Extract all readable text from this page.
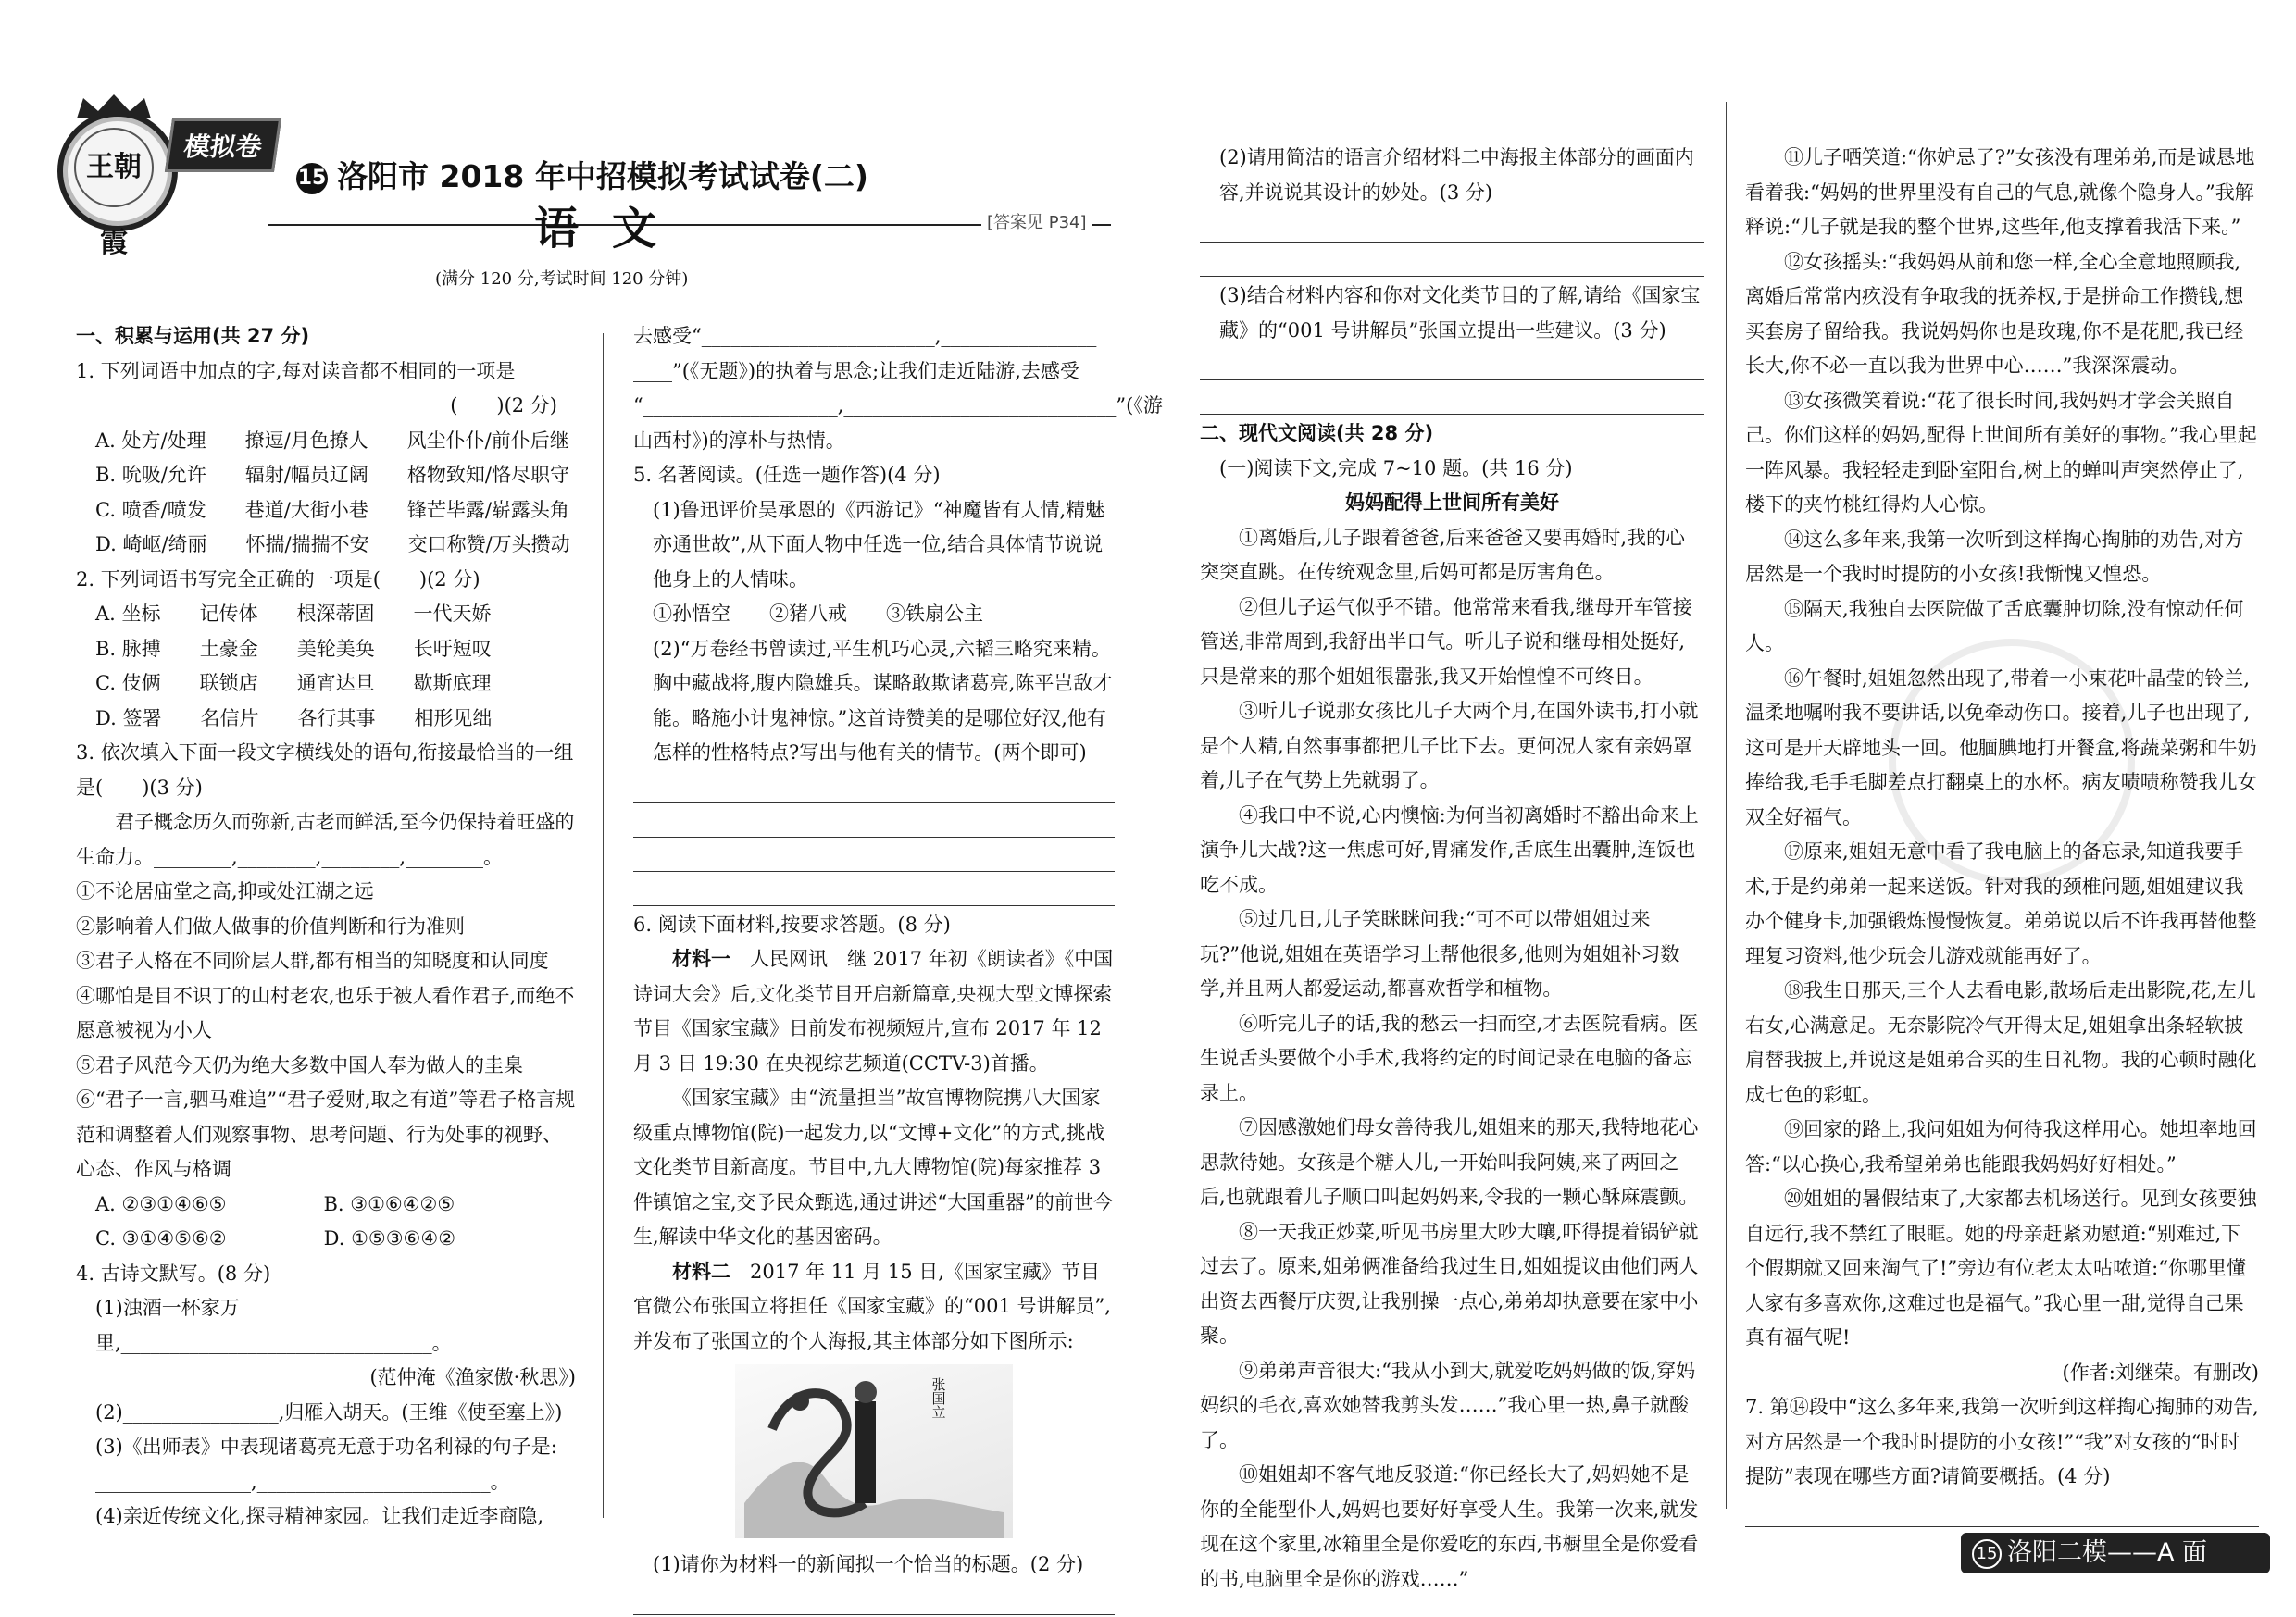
王朝霞
模拟卷
15 洛阳市 2018 年中招模拟考试试卷(二)
语文	[答案见 P34]
(满分 120 分,考试时间 120 分钟)

一、积累与运用(共 27 分)

1. 下列词语中加点的字,每对读音都不相同的一项是

(　　)(2 分)

A. 处方/处理　　撩逗/月色撩人　　风尘仆仆/前仆后继

B. 吮吸/允许　　辐射/幅员辽阔　　格物致知/恪尽职守

C. 喷香/喷发　　巷道/大街小巷　　锋芒毕露/崭露头角

D. 崎岖/绮丽　　怀揣/揣揣不安　　交口称赞/万头攒动

2. 下列词语书写完全正确的一项是(　　)(2 分)

A. 坐标　　记传体　　根深蒂固　　一代天娇

B. 脉搏　　土豪金　　美轮美奂　　长吁短叹

C. 伎俩　　联锁店　　通宵达旦　　歇斯底理

D. 签署　　名信片　　各行其事　　相形见绌

3. 依次填入下面一段文字横线处的语句,衔接最恰当的一组是(　　)(3 分)

君子概念历久而弥新,古老而鲜活,至今仍保持着旺盛的生命力。________,________,________,________。

①不论居庙堂之高,抑或处江湖之远

②影响着人们做人做事的价值判断和行为准则

③君子人格在不同阶层人群,都有相当的知晓度和认同度

④哪怕是目不识丁的山村老农,也乐于被人看作君子,而绝不愿意被视为小人

⑤君子风范今天仍为绝大多数中国人奉为做人的圭臬

⑥“君子一言,驷马难追”“君子爱财,取之有道”等君子格言规范和调整着人们观察事物、思考问题、行为处事的视野、心态、作风与格调

A. ②③①④⑥⑤　　　　　B. ③①⑥④②⑤

C. ③①④⑤⑥②　　　　　D. ①⑤③⑥④②

4. 古诗文默写。(8 分)

(1)浊酒一杯家万里,________________________________。

(范仲淹《渔家傲·秋思》)

(2)________________,归雁入胡天。(王维《使至塞上》)

(3)《出师表》中表现诸葛亮无意于功名利禄的句子是:

________________,________________________。

(4)亲近传统文化,探寻精神家园。让我们走近李商隐,

去感受“________________________,________________

____”(《无题》)的执着与思念;让我们走近陆游,去感受

“____________________,____________________________”(《游

山西村》)的淳朴与热情。

5. 名著阅读。(任选一题作答)(4 分)

(1)鲁迅评价吴承恩的《西游记》“神魔皆有人情,精魅亦通世故”,从下面人物中任选一位,结合具体情节说说他身上的人情味。

①孙悟空　　②猪八戒　　③铁扇公主

(2)“万卷经书曾读过,平生机巧心灵,六韬三略究来精。胸中藏战将,腹内隐雄兵。谋略敢欺诸葛亮,陈平岂敌才能。略施小计鬼神惊。”这首诗赞美的是哪位好汉,他有怎样的性格特点?写出与他有关的情节。(两个即可)

6. 阅读下面材料,按要求答题。(8 分)

材料一　 人民网讯　 继 2017 年初《朗读者》《中国诗词大会》后,文化类节目开启新篇章,央视大型文博探索节目《国家宝藏》日前发布视频短片,宣布 2017 年 12 月 3 日 19:30 在央视综艺频道(CCTV-3)首播。

《国家宝藏》由“流量担当”故宫博物院携八大国家级重点博物馆(院)一起发力,以“文博+文化”的方式,挑战文化类节目新高度。节目中,九大博物馆(院)每家推荐 3 件镇馆之宝,交予民众甄选,通过讲述“大国重器”的前世今生,解读中华文化的基因密码。

材料二　 2017 年 11 月 15 日,《国家宝藏》节目官微公布张国立将担任《国家宝藏》的“001 号讲解员”,并发布了张国立的个人海报,其主体部分如下图所示:

张国立

(1)请你为材料一的新闻拟一个恰当的标题。(2 分)

(2)请用简洁的语言介绍材料二中海报主体部分的画面内容,并说说其设计的妙处。(3 分)

(3)结合材料内容和你对文化类节目的了解,请给《国家宝藏》的“001 号讲解员”张国立提出一些建议。(3 分)

二、现代文阅读(共 28 分)

(一)阅读下文,完成 7~10 题。(共 16 分)

妈妈配得上世间所有美好

①离婚后,儿子跟着爸爸,后来爸爸又要再婚时,我的心突突直跳。在传统观念里,后妈可都是厉害角色。

②但儿子运气似乎不错。他常常来看我,继母开车管接管送,非常周到,我舒出半口气。听儿子说和继母相处挺好,只是常来的那个姐姐很嚣张,我又开始惶惶不可终日。

③听儿子说那女孩比儿子大两个月,在国外读书,打小就是个人精,自然事事都把儿子比下去。更何况人家有亲妈罩着,儿子在气势上先就弱了。

④我口中不说,心内懊恼:为何当初离婚时不豁出命来上演争儿大战?这一焦虑可好,胃痛发作,舌底生出囊肿,连饭也吃不成。

⑤过几日,儿子笑眯眯问我:“可不可以带姐姐过来玩?”他说,姐姐在英语学习上帮他很多,他则为姐姐补习数学,并且两人都爱运动,都喜欢哲学和植物。

⑥听完儿子的话,我的愁云一扫而空,才去医院看病。医生说舌头要做个小手术,我将约定的时间记录在电脑的备忘录上。

⑦因感激她们母女善待我儿,姐姐来的那天,我特地花心思款待她。女孩是个糖人儿,一开始叫我阿姨,来了两回之后,也就跟着儿子顺口叫起妈妈来,令我的一颗心酥麻震颤。

⑧一天我正炒菜,听见书房里大吵大嚷,吓得提着锅铲就过去了。原来,姐弟俩准备给我过生日,姐姐提议由他们两人出资去西餐厅庆贺,让我别操一点心,弟弟却执意要在家中小聚。

⑨弟弟声音很大:“我从小到大,就爱吃妈妈做的饭,穿妈妈织的毛衣,喜欢她替我剪头发……”我心里一热,鼻子就酸了。

⑩姐姐却不客气地反驳道:“你已经长大了,妈妈她不是你的全能型仆人,妈妈也要好好享受人生。我第一次来,就发现在这个家里,冰箱里全是你爱吃的东西,书橱里全是你爱看的书,电脑里全是你的游戏……”

⑪儿子哂笑道:“你妒忌了?”女孩没有理弟弟,而是诚恳地看着我:“妈妈的世界里没有自己的气息,就像个隐身人。”我解释说:“儿子就是我的整个世界,这些年,他支撑着我活下来。”

⑫女孩摇头:“我妈妈从前和您一样,全心全意地照顾我,离婚后常常内疚没有争取我的抚养权,于是拼命工作攒钱,想买套房子留给我。我说妈妈你也是玫瑰,你不是花肥,我已经长大,你不必一直以我为世界中心……”我深深震动。

⑬女孩微笑着说:“花了很长时间,我妈妈才学会关照自己。你们这样的妈妈,配得上世间所有美好的事物。”我心里起一阵风暴。我轻轻走到卧室阳台,树上的蝉叫声突然停止了,楼下的夹竹桃红得灼人心惊。

⑭这么多年来,我第一次听到这样掏心掏肺的劝告,对方居然是一个我时时提防的小女孩!我惭愧又惶恐。

⑮隔天,我独自去医院做了舌底囊肿切除,没有惊动任何人。

⑯午餐时,姐姐忽然出现了,带着一小束花叶晶莹的铃兰,温柔地嘱咐我不要讲话,以免牵动伤口。接着,儿子也出现了,这可是开天辟地头一回。他腼腆地打开餐盒,将蔬菜粥和牛奶捧给我,毛手毛脚差点打翻桌上的水杯。病友啧啧称赞我儿女双全好福气。

⑰原来,姐姐无意中看了我电脑上的备忘录,知道我要手术,于是约弟弟一起来送饭。针对我的颈椎问题,姐姐建议我办个健身卡,加强锻炼慢慢恢复。弟弟说以后不许我再替他整理复习资料,他少玩会儿游戏就能再好了。

⑱我生日那天,三个人去看电影,散场后走出影院,花,左儿右女,心满意足。无奈影院冷气开得太足,姐姐拿出条轻软披肩替我披上,并说这是姐弟合买的生日礼物。我的心顿时融化成七色的彩虹。

⑲回家的路上,我问姐姐为何待我这样用心。她坦率地回答:“以心换心,我希望弟弟也能跟我妈妈好好相处。”

⑳姐姐的暑假结束了,大家都去机场送行。见到女孩要独自远行,我不禁红了眼眶。她的母亲赶紧劝慰道:“别难过,下个假期就又回来淘气了!”旁边有位老太太咕哝道:“你哪里懂人家有多喜欢你,这难过也是福气。”我心里一甜,觉得自己果真有福气呢!

(作者:刘继荣。有删改)

7. 第⑭段中“这么多年来,我第一次听到这样掏心掏肺的劝告,对方居然是一个我时时提防的小女孩!”“我”对女孩的“时时提防”表现在哪些方面?请简要概括。(4 分)

15 洛阳二模——A 面
